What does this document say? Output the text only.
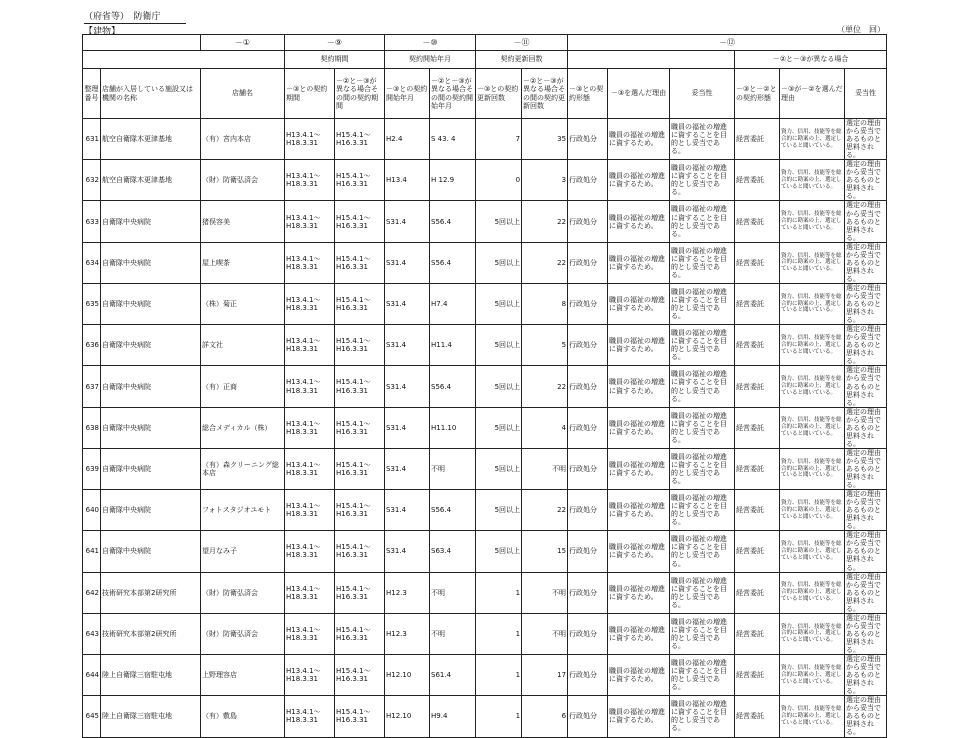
（府省等）　防衛庁
【建物】	（単位　回）
		－①	－⑨		－⑩		－⑪		－⑫					
			契約期間		契約開始年月		契約更新回数					－②と－③が異なる場合		
整理番号	店舗が入居している施設又は機関の名称	店舗名	－③との契約期間	－②と－③が異なる場合その間の契約期間	－③との契約開始年月	－②と－③が異なる場合その間の契約開始年月	－③との契約更新回数	－②と－③が異なる場合その間の契約更新回数	－③との契約形態	－③を選んだ理由	妥当性	－③と－②との契約形態	－③が－②を選んだ理由	妥当性
631	航空自衛隊木更津基地	（有）宮内本店	H13.4.1～
H18.3.31	H15.4.1～
H16.3.31	H2.4	S 43. 4	7	35	行政処分	職員の福祉の増進に資するため。	職員の福祉の増進に資することを目的とし妥当である。	経営委託	資力、信用、技能等を総合的に勘案の上、選定していると聞いている。	選定の理由から妥当であるものと思料される。
632	航空自衛隊木更津基地	（財）防衛弘済会	H13.4.1～
H18.3.31	H15.4.1～
H16.3.31	H13.4	H 12.9	0	3	行政処分	職員の福祉の増進に資するため。	職員の福祉の増進に資することを目的とし妥当である。	経営委託	資力、信用、技能等を総合的に勘案の上、選定していると聞いている。	選定の理由から妥当であるものと思料される。
633	自衛隊中央病院	猪俣容美	H13.4.1～
H18.3.31	H15.4.1～
H16.3.31	S31.4	S56.4	5回以上	22	行政処分	職員の福祉の増進に資するため。	職員の福祉の増進に資することを目的とし妥当である。	経営委託	資力、信用、技能等を総合的に勘案の上、選定していると聞いている。	選定の理由から妥当であるものと思料される。
634	自衛隊中央病院	屋上喫茶	H13.4.1～
H18.3.31	H15.4.1～
H16.3.31	S31.4	S56.4	5回以上	22	行政処分	職員の福祉の増進に資するため。	職員の福祉の増進に資することを目的とし妥当である。	経営委託	資力、信用、技能等を総合的に勘案の上、選定していると聞いている。	選定の理由から妥当であるものと思料される。
635	自衛隊中央病院	（株）菊正	H13.4.1～
H18.3.31	H15.4.1～
H16.3.31	S31.4	H7.4	5回以上	8	行政処分	職員の福祉の増進に資するため。	職員の福祉の増進に資することを目的とし妥当である。	経営委託	資力、信用、技能等を総合的に勘案の上、選定していると聞いている。	選定の理由から妥当であるものと思料される。
636	自衛隊中央病院	詳文社	H13.4.1～
H18.3.31	H15.4.1～
H16.3.31	S31.4	H11.4	5回以上	5	行政処分	職員の福祉の増進に資するため。	職員の福祉の増進に資することを目的とし妥当である。	経営委託	資力、信用、技能等を総合的に勘案の上、選定していると聞いている。	選定の理由から妥当であるものと思料される。
637	自衛隊中央病院	（有）正商	H13.4.1～
H18.3.31	H15.4.1～
H16.3.31	S31.4	S56.4	5回以上	22	行政処分	職員の福祉の増進に資するため。	職員の福祉の増進に資することを目的とし妥当である。	経営委託	資力、信用、技能等を総合的に勘案の上、選定していると聞いている。	選定の理由から妥当であるものと思料される。
638	自衛隊中央病院	総合メディカル（株）	H13.4.1～
H18.3.31	H15.4.1～
H16.3.31	S31.4	H11.10	5回以上	4	行政処分	職員の福祉の増進に資するため。	職員の福祉の増進に資することを目的とし妥当である。	経営委託	資力、信用、技能等を総合的に勘案の上、選定していると聞いている。	選定の理由から妥当であるものと思料される。
639	自衛隊中央病院	（有）森クリーニング総本店	H13.4.1～
H18.3.31	H15.4.1～
H16.3.31	S31.4	不明	5回以上	不明	行政処分	職員の福祉の増進に資するため。	職員の福祉の増進に資することを目的とし妥当である。	経営委託	資力、信用、技能等を総合的に勘案の上、選定していると聞いている。	選定の理由から妥当であるものと思料される。
640	自衛隊中央病院	フォトスタジオユモト	H13.4.1～
H18.3.31	H15.4.1～
H16.3.31	S31.4	S56.4	5回以上	22	行政処分	職員の福祉の増進に資するため。	職員の福祉の増進に資することを目的とし妥当である。	経営委託	資力、信用、技能等を総合的に勘案の上、選定していると聞いている。	選定の理由から妥当であるものと思料される。
641	自衛隊中央病院	望月なみ子	H13.4.1～
H18.3.31	H15.4.1～
H16.3.31	S31.4	S63.4	5回以上	15	行政処分	職員の福祉の増進に資するため。	職員の福祉の増進に資することを目的とし妥当である。	経営委託	資力、信用、技能等を総合的に勘案の上、選定していると聞いている。	選定の理由から妥当であるものと思料される。
642	技術研究本部第2研究所	（財）防衛弘済会	H13.4.1～
H18.3.31	H15.4.1～
H16.3.31	H12.3	不明	1	不明	行政処分	職員の福祉の増進に資するため。	職員の福祉の増進に資することを目的とし妥当である。	経営委託	資力、信用、技能等を総合的に勘案の上、選定していると聞いている。	選定の理由から妥当であるものと思料される。
643	技術研究本部第2研究所	（財）防衛弘済会	H13.4.1～
H18.3.31	H15.4.1～
H16.3.31	H12.3	不明	1	不明	行政処分	職員の福祉の増進に資するため。	職員の福祉の増進に資することを目的とし妥当である。	経営委託	資力、信用、技能等を総合的に勘案の上、選定していると聞いている。	選定の理由から妥当であるものと思料される。
644	陸上自衛隊三宿駐屯地	上野理容店	H13.4.1～
H18.3.31	H15.4.1～
H16.3.31	H12.10	S61.4	1	17	行政処分	職員の福祉の増進に資するため。	職員の福祉の増進に資することを目的とし妥当である。	経営委託	資力、信用、技能等を総合的に勘案の上、選定していると聞いている。	選定の理由から妥当であるものと思料される。
645	陸上自衛隊三宿駐屯地	（有）敷島	H13.4.1～
H18.3.31	H15.4.1～
H16.3.31	H12.10	H9.4	1	6	行政処分	職員の福祉の増進に資するため。	職員の福祉の増進に資することを目的とし妥当である。	経営委託	資力、信用、技能等を総合的に勘案の上、選定していると聞いている。	選定の理由から妥当であるものと思料される。
